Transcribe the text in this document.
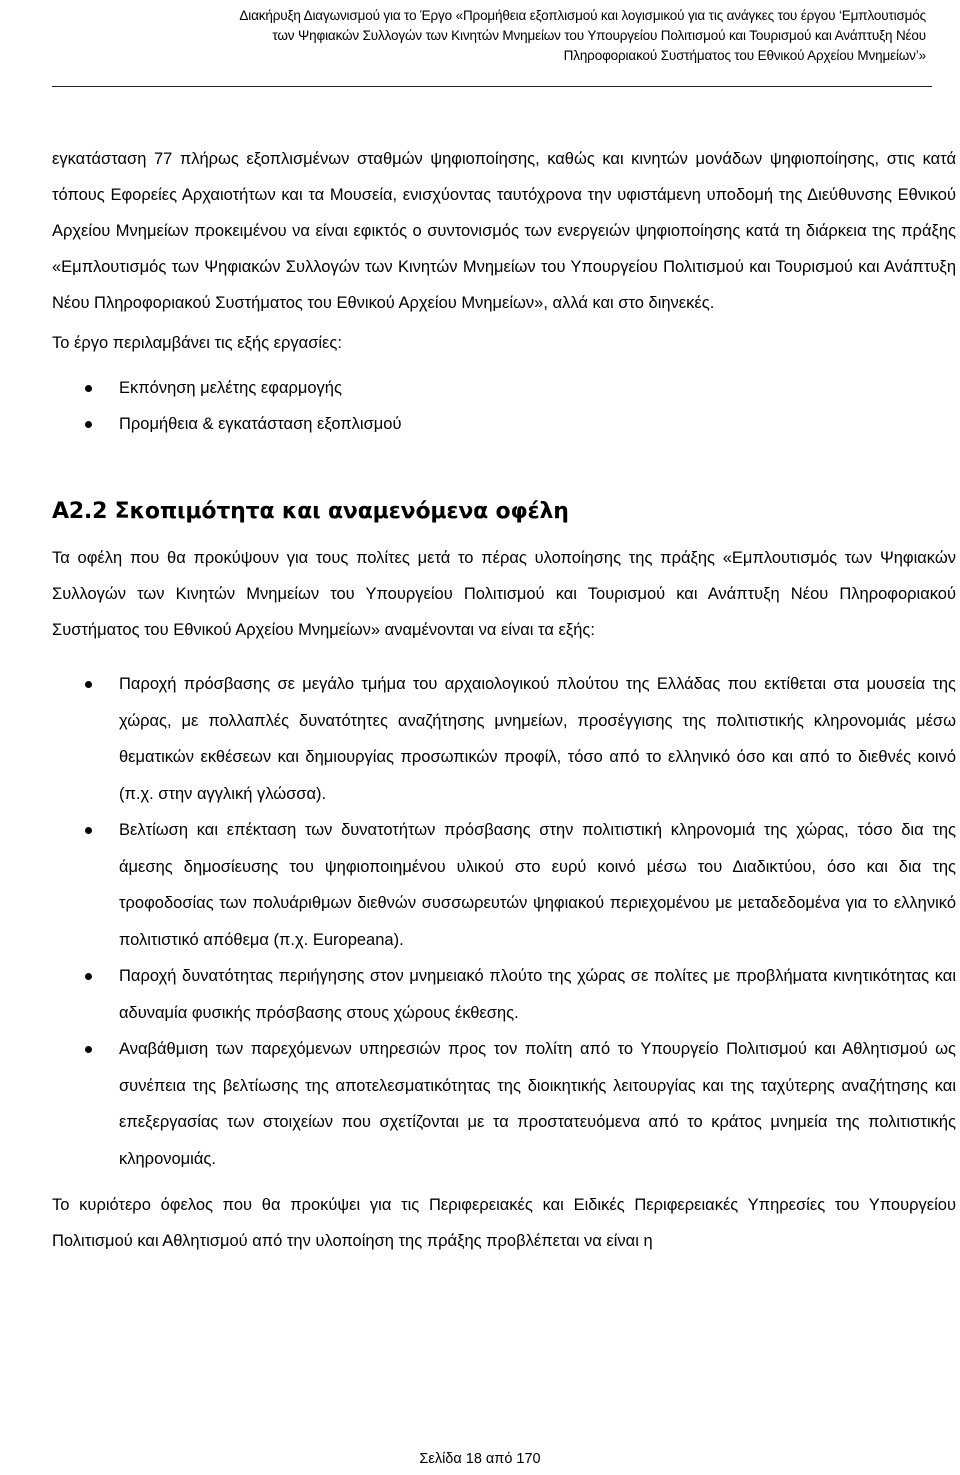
Διακήρυξη Διαγωνισμού για το Έργο «Προμήθεια εξοπλισμού και λογισμικού για τις ανάγκες του έργου ‘Εμπλουτισμός
των Ψηφιακών Συλλογών των Κινητών Μνημείων του Υπουργείου Πολιτισμού και Τουρισμού και Ανάπτυξη Νέου
Πληροφοριακού Συστήματος του Εθνικού Αρχείου Μνημείων’»

εγκατάσταση 77 πλήρως εξοπλισμένων σταθμών ψηφιοποίησης, καθώς και κινητών μονάδων ψηφιοποίησης, στις κατά τόπους Εφορείες Αρχαιοτήτων και τα Μουσεία, ενισχύοντας ταυτόχρονα την υφιστάμενη υποδομή της Διεύθυνσης Εθνικού Αρχείου Μνημείων προκειμένου να είναι εφικτός ο συντονισμός των ενεργειών ψηφιοποίησης κατά τη διάρκεια της πράξης «Εμπλουτισμός των Ψηφιακών Συλλογών των Κινητών Μνημείων του Υπουργείου Πολιτισμού και Τουρισμού και Ανάπτυξη Νέου Πληροφοριακού Συστήματος του Εθνικού Αρχείου Μνημείων», αλλά και στο διηνεκές.

Το έργο περιλαμβάνει τις εξής εργασίες:

Εκπόνηση μελέτης εφαρμογής
Προμήθεια & εγκατάσταση εξοπλισμού
A2.2 Σκοπιμότητα και αναμενόμενα οφέλη

Τα οφέλη που θα προκύψουν για τους πολίτες μετά το πέρας υλοποίησης της πράξης «Εμπλουτισμός των Ψηφιακών Συλλογών των Κινητών Μνημείων του Υπουργείου Πολιτισμού και Τουρισμού και Ανάπτυξη Νέου Πληροφοριακού Συστήματος του Εθνικού Αρχείου Μνημείων» αναμένονται να είναι τα εξής:

Παροχή πρόσβασης σε μεγάλο τμήμα του αρχαιολογικού πλούτου της Ελλάδας που εκτίθεται στα μουσεία της χώρας, με πολλαπλές δυνατότητες αναζήτησης μνημείων, προσέγγισης της πολιτιστικής κληρονομιάς μέσω θεματικών εκθέσεων και δημιουργίας προσωπικών προφίλ, τόσο από το ελληνικό όσο και από το διεθνές κοινό (π.χ. στην αγγλική γλώσσα).
Βελτίωση και επέκταση των δυνατοτήτων πρόσβασης στην πολιτιστική κληρονομιά της χώρας, τόσο δια της άμεσης δημοσίευσης του ψηφιοποιημένου υλικού στο ευρύ κοινό μέσω του Διαδικτύου, όσο και δια της τροφοδοσίας των πολυάριθμων διεθνών συσσωρευτών ψηφιακού περιεχομένου με μεταδεδομένα για το ελληνικό πολιτιστικό απόθεμα (π.χ. Europeana).
Παροχή δυνατότητας περιήγησης στον μνημειακό πλούτο της χώρας σε πολίτες με προβλήματα κινητικότητας και αδυναμία φυσικής πρόσβασης στους χώρους έκθεσης.
Αναβάθμιση των παρεχόμενων υπηρεσιών προς τον πολίτη από το Υπουργείο Πολιτισμού και Αθλητισμού ως συνέπεια της βελτίωσης της αποτελεσματικότητας της διοικητικής λειτουργίας και της ταχύτερης αναζήτησης και επεξεργασίας των στοιχείων που σχετίζονται με τα προστατευόμενα από το κράτος μνημεία της πολιτιστικής κληρονομιάς.

Το κυριότερο όφελος που θα προκύψει για τις Περιφερειακές και Ειδικές Περιφερειακές Υπηρεσίες του Υπουργείου Πολιτισμού και Αθλητισμού από την υλοποίηση της πράξης προβλέπεται να είναι η

Σελίδα 18 από 170
